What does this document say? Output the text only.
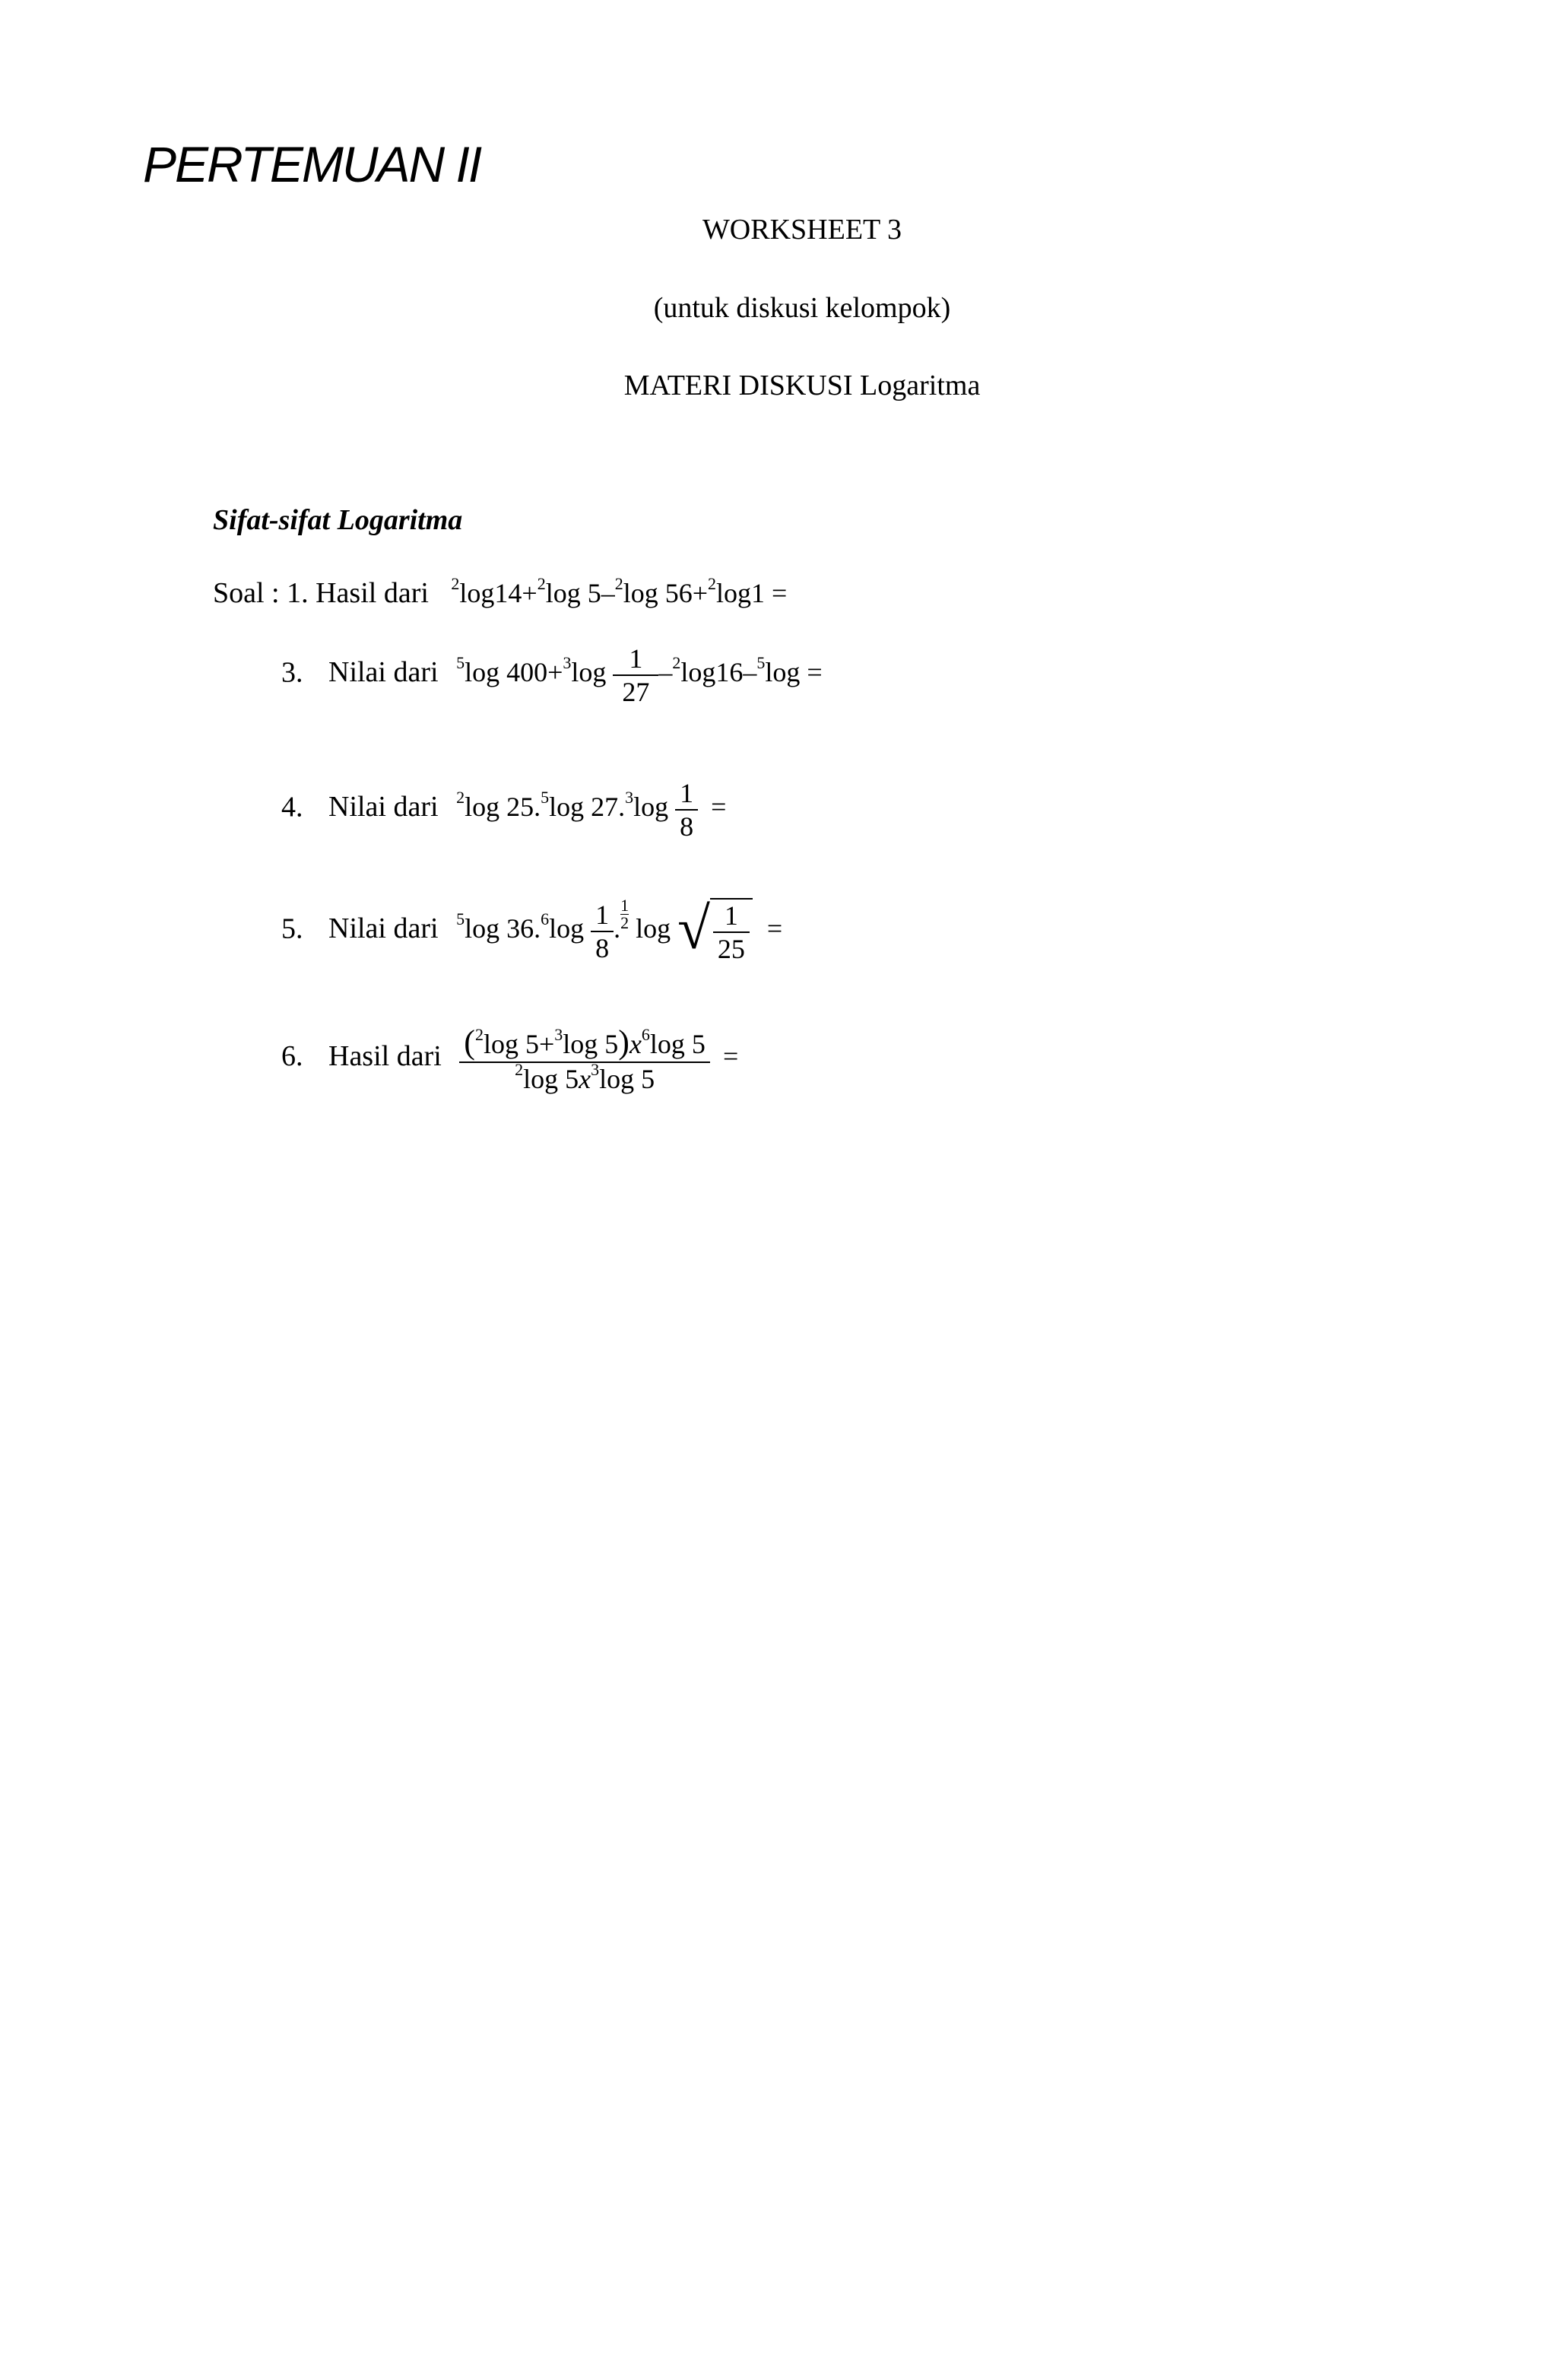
PERTEMUAN II
WORKSHEET 3
(untuk diskusi kelompok)
MATERI DISKUSI Logaritma
Sifat-sifat Logaritma
Soal : 1. Hasil dari $^2$log14+$^2$log 5–$^2$log 56+$^2$log1 =
3. Nilai dari $^5$log $400+^3\log \frac{1}{27} -^2\log 16-^5\log$ =
4. Nilai dari $^2$log 25.$^5$log $27.^3\log \frac{1}{8}$ =
5. Nilai dari $^5$log $36.^6\log \frac{1}{8} .\frac{1}{2}$ log √ $\frac{1}{25}$ =
6. Hasil dari $\frac{(^2\log 5+^3\log 5)x^6\log 5}{^2\log 5x^3\log 5}$ =
